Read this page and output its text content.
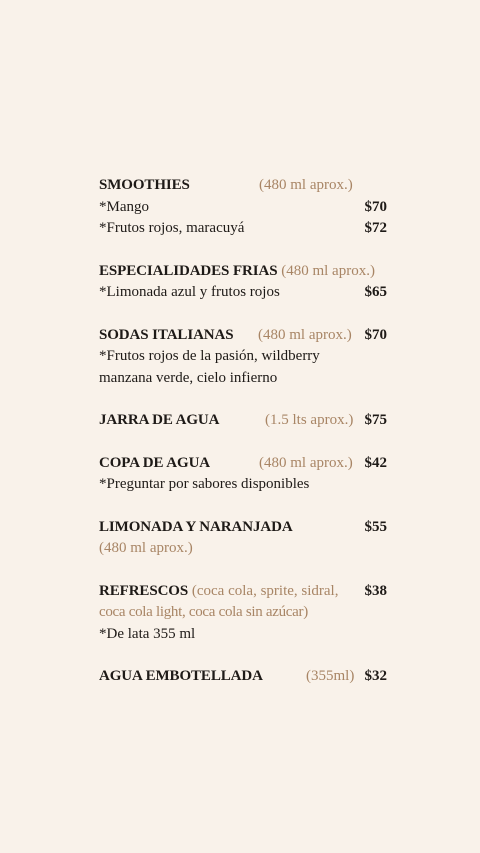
SMOOTHIES	(480 ml aprox.)
*Mango	$70
*Frutos rojos, maracuyá	$72
ESPECIALIDADES FRIAS (480 ml aprox.)
*Limonada azul y frutos rojos	$65
SODAS ITALIANAS (480 ml aprox.) $70
*Frutos rojos de la pasión, wildberry
manzana verde, cielo infierno
JARRA DE AGUA	(1.5 lts aprox.) $75
COPA DE AGUA	(480 ml aprox.) $42
*Preguntar por sabores disponibles
LIMONADA Y NARANJADA	$55
(480 ml aprox.)
REFRESCOS (coca cola, sprite, sidral, $38
coca cola light, coca cola sin azúcar)
*De lata 355 ml
AGUA EMBOTELLADA	(355ml) $32
